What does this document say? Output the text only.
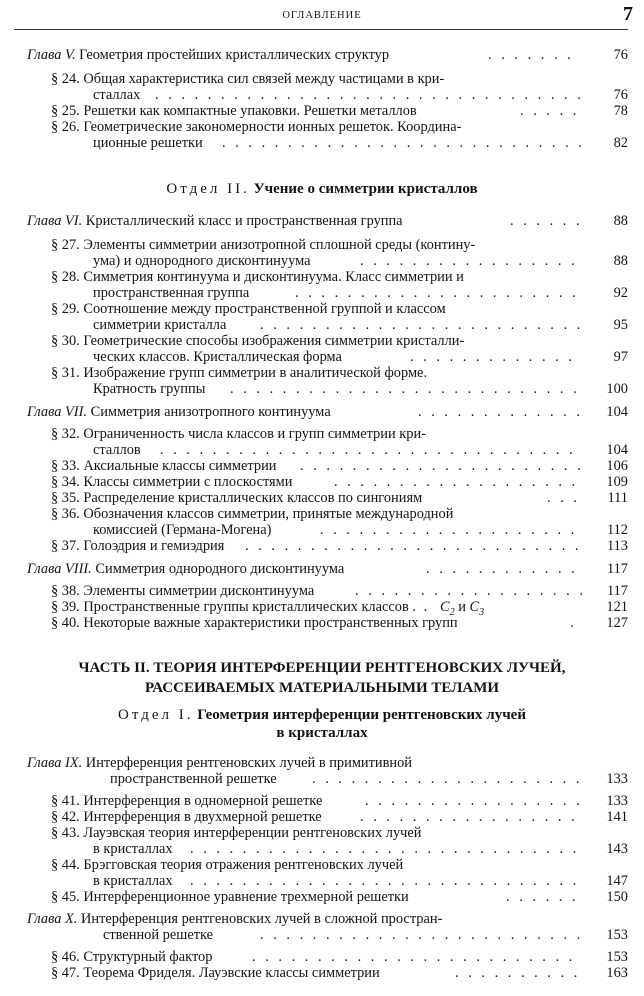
ОГЛАВЛЕНИЕ	7
Глава V. Геометрия простейших кристаллических структур	. . . . . . .	76
§ 24. Общая характеристика сил связей между частицами в кри-
сталлах . . . . . . . . . . . . . . . . . . . . . . . . . . . . . . . . .	76
§ 25. Решетки как компактные упаковки. Решетки металлов	. . . . .	78
§ 26. Геометрические закономерности ионных решеток. Координа-
ционные решетки . . . . . . . . . . . . . . . . . . . . . . . . . . . .	82
Отдел II. Учение о симметрии кристаллов
Глава VI. Кристаллический класс и пространственная группа	. . . . . .	88
§ 27. Элементы симметрии анизотропной сплошной среды (контину-
ума) и однородного дисконтинуума	. . . . . . . . . . . . . . . . .	88
§ 28. Симметрия континуума и дисконтинуума. Класс симметрии и
пространственная группа	. . . . . . . . . . . . . . . . . . . . . .	92
§ 29. Соотношение между пространственной группой и классом
симметрии кристалла . . . . . . . . . . . . . . . . . . . . . . . . .	95
§ 30. Геометрические способы изображения симметрии кристалли-
ческих классов. Кристаллическая форма	. . . . . . . . . . . . .	97
§ 31. Изображение групп симметрии в аналитической форме.
Кратность группы . . . . . . . . . . . . . . . . . . . . . . . . . . .	100
Глава VII. Симметрия анизотропного континуума	. . . . . . . . . . . . .	104
§ 32. Ограниченность числа классов и групп симметрии кри-
сталлов . . . . . . . . . . . . . . . . . . . . . . . . . . . . . . . .	104
§ 33. Аксиальные классы симметрии . . . . . . . . . . . . . . . . . . . . . .	106
§ 34. Классы симметрии с плоскостями	. . . . . . . . . . . . . . . . . . .	109
§ 35. Распределение кристаллических классов по сингониям	. . .	111
§ 36. Обозначения классов симметрии, принятые международной
комиссией (Германа-Могена)	. . . . . . . . . . . . . . . . . . . .	112
§ 37. Голоэдрия и гемиэдрия . . . . . . . . . . . . . . . . . . . . . . . . . .	113
Глава VIII. Симметрия однородного дисконтинуума	. . . . . . . . . . . .	117
§ 38. Элементы симметрии дисконтинуума	. . . . . . . . . . . . . . . . . .	117
§ 39. Пространственные группы кристаллических классов . . $C_2$ и $C_3$	121
§ 40. Некоторые важные характеристики пространственных групп	.	127
ЧАСТЬ II. ТЕОРИЯ ИНТЕРФЕРЕНЦИИ РЕНТГЕНОВСКИХ ЛУЧЕЙ,
РАССЕИВАЕМЫХ МАТЕРИАЛЬНЫМИ ТЕЛАМИ
Отдел I. Геометрия интерференции рентгеновских лучей
в кристаллах
Глава IX. Интерференция рентгеновских лучей в примитивной
пространственной решетке . . . . . . . . . . . . . . . . . . . . .	133
§ 41. Интерференция в одномерной решетке	. . . . . . . . . . . . . . . . .	133
§ 42. Интерференция в двухмерной решетке	. . . . . . . . . . . . . . . . .	141
§ 43. Лауэвская теория интерференции рентгеновских лучей
в кристаллах . . . . . . . . . . . . . . . . . . . . . . . . . . . . . .	143
§ 44. Брэгговская теория отражения рентгеновских лучей
в кристаллах . . . . . . . . . . . . . . . . . . . . . . . . . . . . . .	147
§ 45. Интерференционное уравнение трехмерной решетки	. . . . . .	150
Глава X. Интерференция рентгеновских лучей в сложной простран-
ственной решетке	. . . . . . . . . . . . . . . . . . . . . . . . .	153
§ 46. Структурный фактор	. . . . . . . . . . . . . . . . . . . . . . . . .	153
§ 47. Теорема Фриделя. Лауэвские классы симметрии	. . . . . . . . . .	163
